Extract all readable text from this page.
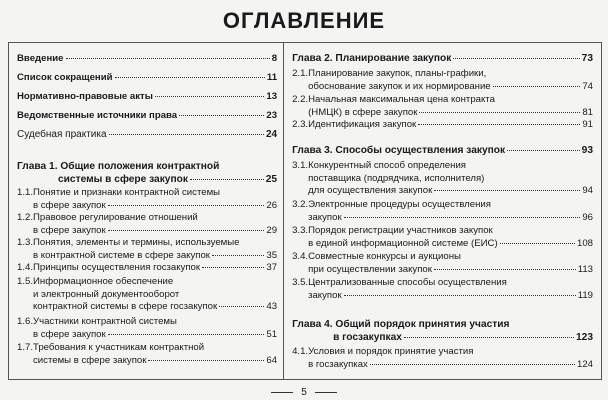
ОГЛАВЛЕНИЕ
Введение	8
Список сокращений	11
Нормативно-правовые акты	13
Ведомственные источники права	23
Судебная практика	24
Глава 1. Общие положения контрактной
системы в сфере закупок	25
1.1. Понятие и признаки контрактной системы
в сфере закупок	26
1.2. Правовое регулирование отношений
в сфере закупок	29
1.3. Понятия, элементы и термины, используемые
в контрактной системе в сфере закупок	35
1.4. Принципы осуществления госзакупок	37
1.5. Информационное обеспечение
и электронный документооборот
контрактной системы в сфере госзакупок	43
1.6. Участники контрактной системы
в сфере закупок	51
1.7. Требования к участникам контрактной
системы в сфере закупок	64
Глава 2. Планирование закупок	73
2.1. Планирование закупок, планы-графики,
обоснование закупок и их нормирование	74
2.2. Начальная максимальная цена контракта
(НМЦК) в сфере закупок	81
2.3. Идентификация закупок	91
Глава 3. Способы осуществления закупок	93
3.1. Конкурентный способ определения
поставщика (подрядчика, исполнителя)
для осуществления закупок	94
3.2. Электронные процедуры осуществления
закупок	96
3.3. Порядок регистрации участников закупок
в единой информационной системе (ЕИС)	108
3.4. Совместные конкурсы и аукционы
при осуществлении закупок	113
3.5. Централизованные способы осуществления
закупок	119
Глава 4. Общий порядок принятия участия
в госзакупках	123
4.1. Условия и порядок принятие участия
в госзакупках	124
5
